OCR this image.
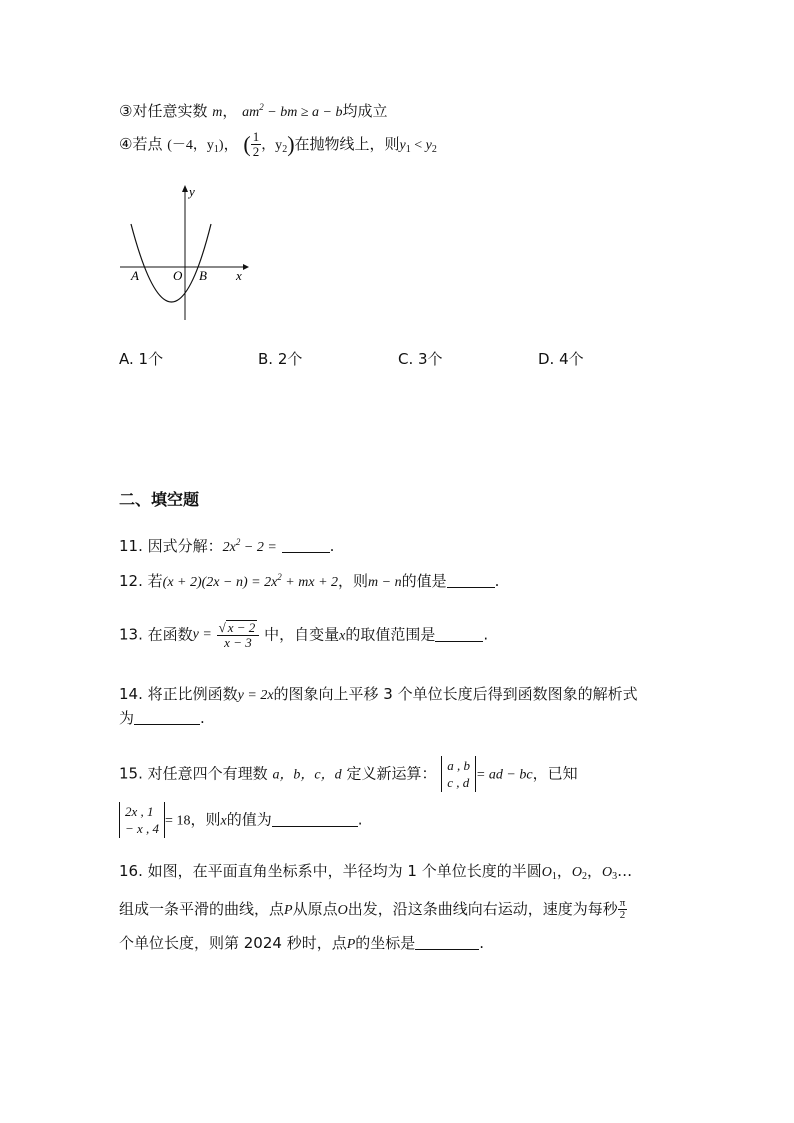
③对任意实数 m， $am^2$ − bm ≥ a − b均成立
④若点 (－4，$y_1$)， ( $\frac{1}{2}$ ，$y_2$)在抛物线上，则$y_1 < y_2$
y
x
O
A	B
A. 1个	B. 2个	C. 3个	D. 4个
二、填空题
11. 因式分解：$2x^2 - 2$ =	.
12. 若$(x + 2)(2x - n) = 2x^2$ + mx + 2，则m − n的值是	.
13. 在函数$y = \frac{√ x - 2}{x - 3}$ 中，自变量x的取值范围是	.
14. 将正比例函数y = 2x的图象向上平移 3 个单位长度后得到函数图象的解析式
为	.
15. 对任意四个有理数 a，b，c，d 定义新运算： a , b
c , d = ad − bc，已知
2x , 1
− x , 4 = 18，则x的值为	.
16. 如图，在平面直角坐标系中，半径均为 1 个单位长度的半圆$O_1$，$O_2$，$O_3\dots$
组成一条平滑的曲线，点P从原点O出发，沿这条曲线向右运动，速度为每秒 $\frac{\pi}{2}$
个单位长度，则第 2024 秒时，点P的坐标是	.
